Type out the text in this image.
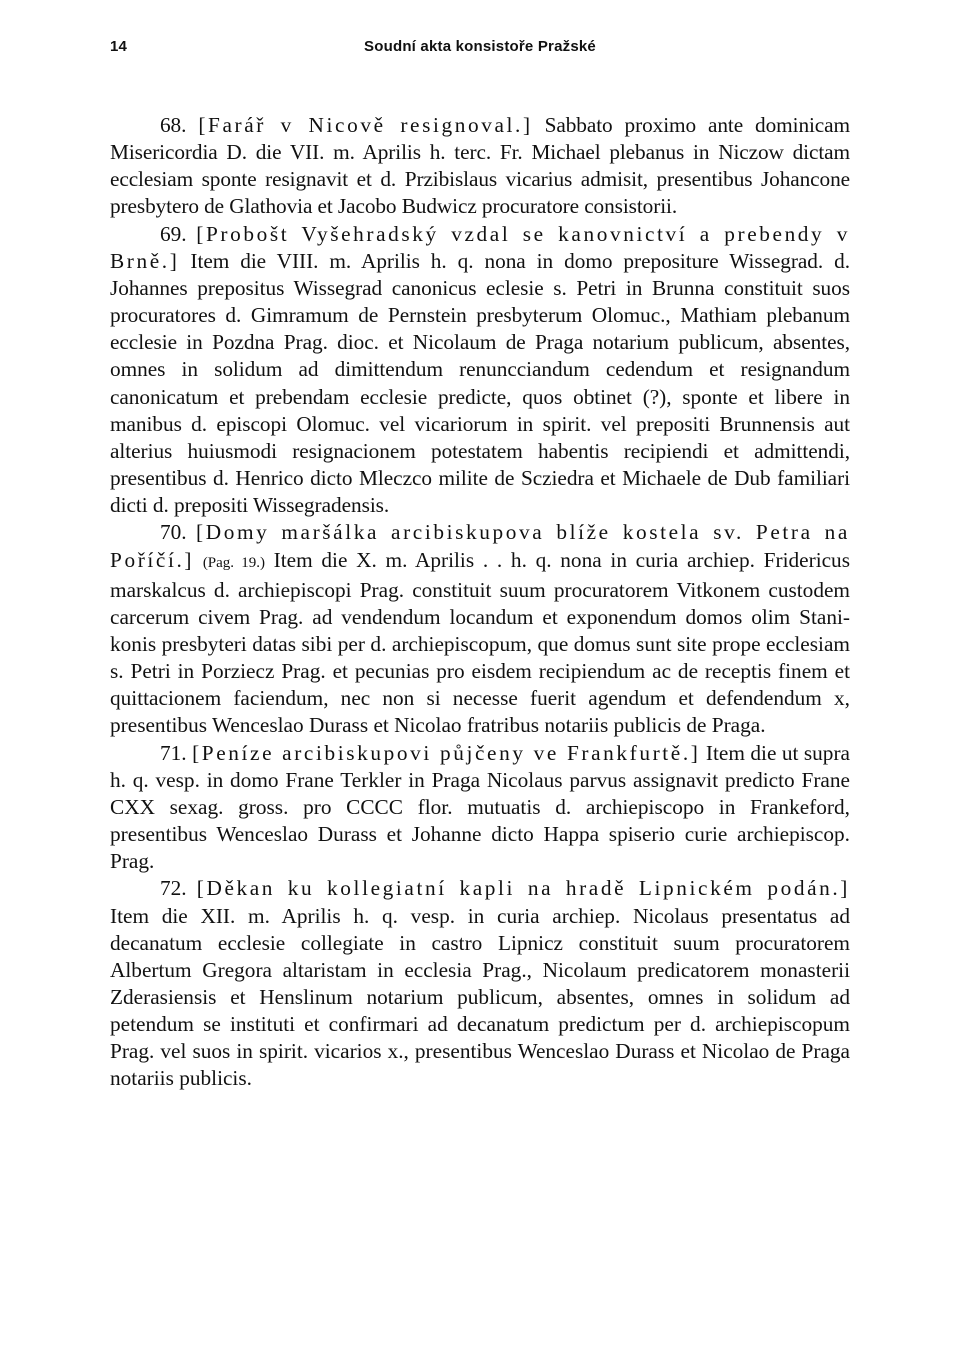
14	Soudní akta konsistoře Pražské

68. [Farář v Nicově resignoval.] Sabbato proximo ante dominicam Misericordia D. die VII. m. Aprilis h. terc. Fr. Michael plebanus in Niczow dictam ecclesiam sponte resignavit et d. Przibislaus vicarius admisit, presentibus Johancone presbytero de Glathovia et Jacobo Budwicz procuratore consistorii.

69. [Probošt Vyšehradský vzdal se kanovnictví a prebendy v Brně.] Item die VIII. m. Aprilis h. q. nona in domo prepositure Wissegrad. d. Johannes prepositus Wissegrad canonicus eclesie s. Petri in Brunna constituit suos procuratores d. Gimramum de Pernstein presbyterum Olomuc., Mathiam plebanum ecclesie in Pozdna Prag. dioc. et Nicolaum de Praga notarium publicum, absentes, omnes in solidum ad dimittendum renuncciandum cedendum et resignandum canonicatum et prebendam ecclesie predicte, quos obtinet (?), sponte et libere in manibus d. episcopi Olomuc. vel vicariorum in spirit. vel prepositi Brunnensis aut alterius huiusmodi resignacionem potestatem habentis recipiendi et admittendi, presentibus d. Henrico dicto Mleczco milite de Scziedra et Michaele de Dub familiari dicti d. prepositi Wissegradensis.

70. [Domy maršálka arcibiskupova blíže kostela sv. Petra na Poříčí.] (Pag. 19.) Item die X. m. Aprilis . . h. q. nona in curia archiep. Fridericus marskalcus d. archiepiscopi Prag. constituit suum procuratorem Vitkonem custodem carcerum civem Prag. ad vendendum locandum et exponendum domos olim Stanikonis presbyteri datas sibi per d. archiepiscopum, que domus sunt site prope ecclesiam s. Petri in Porziecz Prag. et pecunias pro eisdem recipiendum ac de receptis finem et quittacionem faciendum, nec non si necesse fuerit agendum et defendendum x, presentibus Wenceslao Durass et Nicolao fratribus notariis publicis de Praga.

71. [Peníze arcibiskupovi půjčeny ve Frankfurtě.] Item die ut supra h. q. vesp. in domo Frane Terkler in Praga Nicolaus parvus assignavit predicto Frane CXX sexag. gross. pro CCCC flor. mutuatis d. archiepiscopo in Frankeford, presentibus Wenceslao Durass et Johanne dicto Happa spiserio curie archiepiscop. Prag.

72. [Děkan ku kollegiatní kapli na hradě Lipnickém podán.] Item die XII. m. Aprilis h. q. vesp. in curia archiep. Nicolaus presentatus ad decanatum ecclesie collegiate in castro Lipnicz constituit suum procuratorem Albertum Gregora altaristam in ecclesia Prag., Nicolaum predicatorem monasterii Zderasiensis et Henslinum notarium publicum, absentes, omnes in solidum ad petendum se instituti et confirmari ad decanatum predictum per d. archiepiscopum Prag. vel suos in spirit. vicarios x., presentibus Wenceslao Durass et Nicolao de Praga notariis publicis.
